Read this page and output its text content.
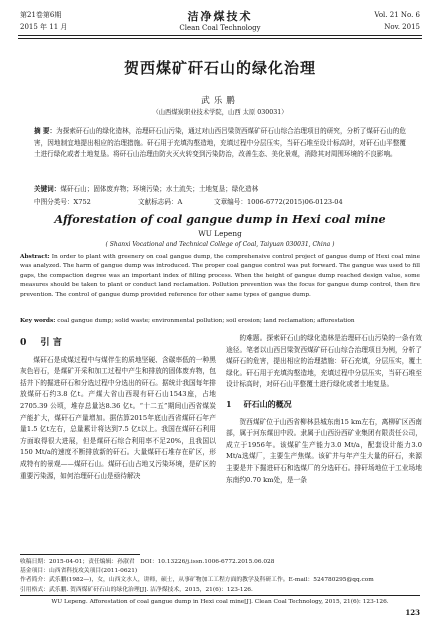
第21卷第6期
2015 年 11 月
洁净煤技术
Clean Coal Technology
Vol. 21 No. 6
Nov. 2015
贺西煤矿矸石山的绿化治理
武乐鹏
（山西煤炭职业技术学院，山西 太原 030031）
摘 要：为探索矸石山的绿化造林，治理矸石山污染，通过对山西吕梁贺西煤矿矸石山综合治理项目的研究，分析了煤矸石山的危害，因地制宜地提出相应的治理措施。矸石用于充填沟壑造地，充填过程中分层压实，当矸石堆至设计标高时，对矸石山平整覆土进行绿化或者土地复垦。将矸石山治理由防火灭火转变到污染防治，改善生态、美化景观，消除其对周围环境的不良影响。
关键词：煤矸石山；固体废弃物；环境污染；水土流失；土地复垦；绿化造林
中图分类号：X752	文献标志码：A	文章编号：1006-6772(2015)06-0123-04
Afforestation of coal gangue dump in Hexi coal mine
WU Lepeng
( Shanxi Vocational and Technical College of Coal, Taiyuan 030031, China )
Abstract: In order to plant with greenery on coal gangue dump, the comprehensive control project of gangue dump of Hexi coal mine was analyzed. The harm of gangue dump was introduced. The proper coal gangue control was put forward. The gangue was used to fill gaps, the compaction degree was an important index of filling process. When the height of gangue dump reached design value, some measures should be taken to plant or conduct land reclamation. Pollution prevention was the focus for gangue dump control, then fire prevention. The control of gangue dump provided reference for other same types of gangue dump.
Key words: coal gangue dump; solid waste; environmental pollution; soil erosion; land reclamation; afforestation
0 引 言

煤矸石是成煤过程中与煤伴生的质地坚硬、含碳率低的一种黑灰色岩石，是煤矿开采和加工过程中产生和排放的固体废弃物，包括井下的掘进矸石和分选过程中分选出的矸石。据统计我国每年排放煤矸石约3.8 亿t。产煤大省山西现有矸石山1543座，占地2705.39 公顷，堆存总量达8.36 亿t。“十二五”期间山西省煤炭产能扩大，煤矸石产量增加。据估算2015年底山西省煤矸石年产量1.5 亿t左右，总量累计将达到7.5 亿t以上。我国在煤矸石利用方面取得很大进展，但是煤矸石综合利用率不足20%，且我国以150 Mt/a的速度不断排放新的矸石。大量煤矸石堆存在矿区，形成特有的景观——煤矸石山。煤矸石山占地又污染环境，是矿区的重要污染源，如何治理矸石山是亟待解决

的难题。探索矸石山的绿化造林是治理矸石山污染的一条有效途径。笔者以山西吕梁贺西煤矿矸石山综合治理项目为例，分析了煤矸石的危害，提出相应的治理措施：矸石充填，分层压实，覆土绿化。矸石用于充填沟壑造地，充填过程中分层压实，当矸石堆至设计标高时，对矸石山平整覆土进行绿化或者土地复垦。

1 矸石山的概况

贺西煤矿位于山西省柳林县城东南15 km左右，离柳矿区西南部，属于河东煤田中段。隶属于山西汾西矿业集团有限责任公司，成立于1956年。该煤矿生产能力3.0 Mt/a，配套设计能力3.0 Mt/a选煤厂，主要生产焦煤。该矿井与年产生大量的矸石，来源主要是井下掘进矸石和选煤厂的分选矸石。排矸场地位于工业场地东南约0.70 km处，是一条

收稿日期：2015-04-01；责任编辑：孙淑君 DOI：10.13226/j.issn.1006-6772.2015.06.028
基金项目：山西省科技攻关项目(2011-0621)
作者简介：武乐鹏(1982—)，女，山西文水人，讲师，硕士，从事矿物加工工程方面的教学及科研工作。E-mail：524780295@qq.com
引用格式：武乐鹏. 贺西煤矿矸石山的绿化治理[J]. 洁净煤技术，2015，21(6)：123-126.
WU Lepeng. Afforestation of coal gangue dump in Hexi coal mine[J]. Clean Coal Technology, 2015, 21(6): 123-126.
123
